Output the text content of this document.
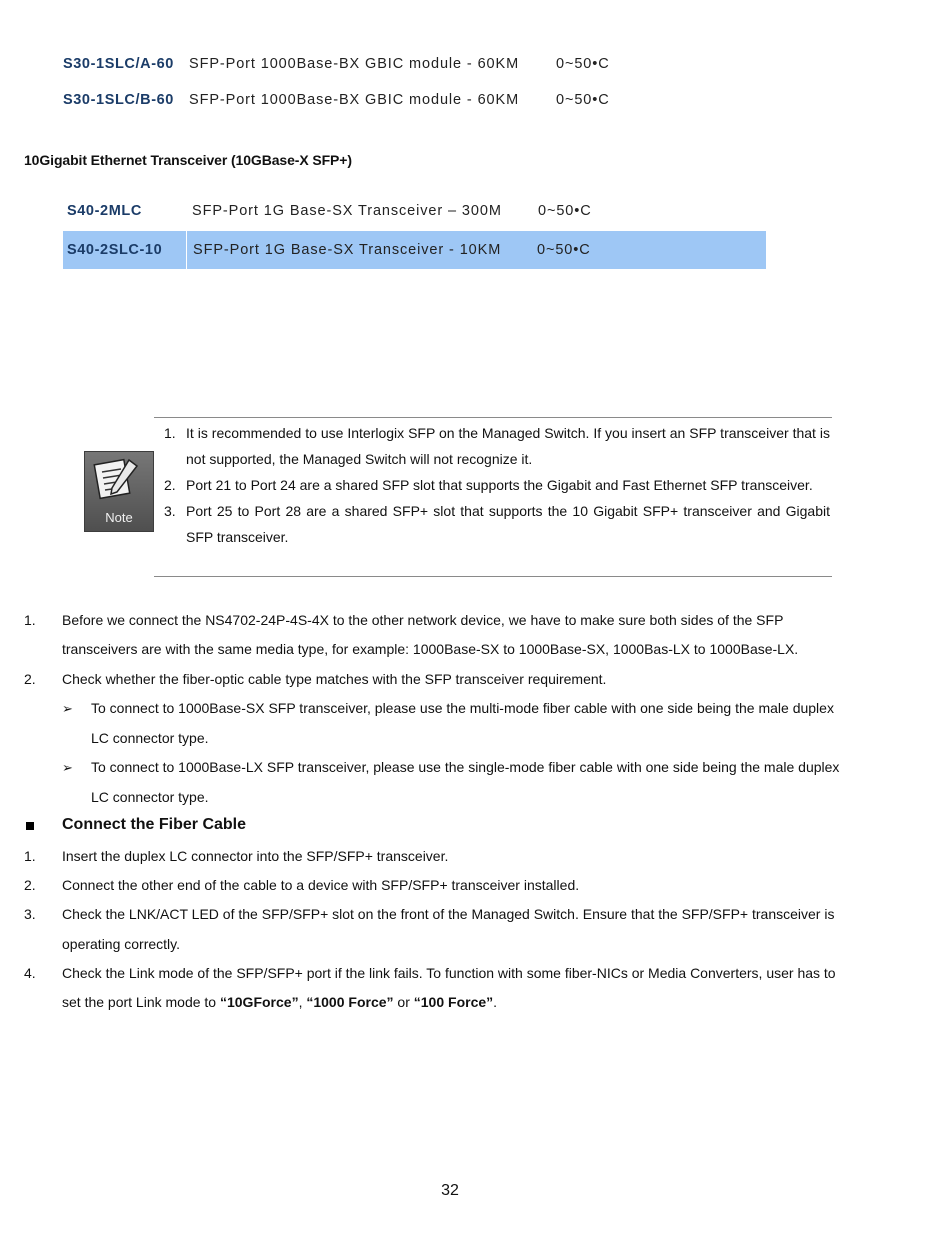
S30-1SLC/A-60	SFP-Port 1000Base-BX GBIC module - 60KM	0~50•C
S30-1SLC/B-60	SFP-Port 1000Base-BX GBIC module - 60KM	0~50•C
10Gigabit Ethernet Transceiver (10GBase-X SFP+)
S40-2MLC	SFP-Port 1G Base-SX Transceiver – 300M	0~50•C
S40-2SLC-10	SFP-Port 1G Base-SX Transceiver - 10KM	0~50•C
Note
1. It is recommended to use Interlogix SFP on the Managed Switch. If you insert an SFP transceiver that is not supported, the Managed Switch will not recognize it.
2. Port 21 to Port 24 are a shared SFP slot that supports the Gigabit and Fast Ethernet SFP transceiver.
3. Port 25 to Port 28 are a shared SFP+ slot that supports the 10 Gigabit SFP+ transceiver and Gigabit SFP transceiver.
1. Before we connect the NS4702-24P-4S-4X to the other network device, we have to make sure both sides of the SFP
transceivers are with the same media type, for example: 1000Base-SX to 1000Base-SX, 1000Bas-LX to 1000Base-LX.
2. Check whether the fiber-optic cable type matches with the SFP transceiver requirement.
➢ To connect to 1000Base-SX SFP transceiver, please use the multi-mode fiber cable with one side being the male duplex
LC connector type.
➢ To connect to 1000Base-LX SFP transceiver, please use the single-mode fiber cable with one side being the male duplex
LC connector type.
Connect the Fiber Cable
1. Insert the duplex LC connector into the SFP/SFP+ transceiver.
2. Connect the other end of the cable to a device with SFP/SFP+ transceiver installed.
3. Check the LNK/ACT LED of the SFP/SFP+ slot on the front of the Managed Switch. Ensure that the SFP/SFP+ transceiver is
operating correctly.
4. Check the Link mode of the SFP/SFP+ port if the link fails. To function with some fiber-NICs or Media Converters, user has to
set the port Link mode to “10GForce”, “1000 Force” or “100 Force”.
32
